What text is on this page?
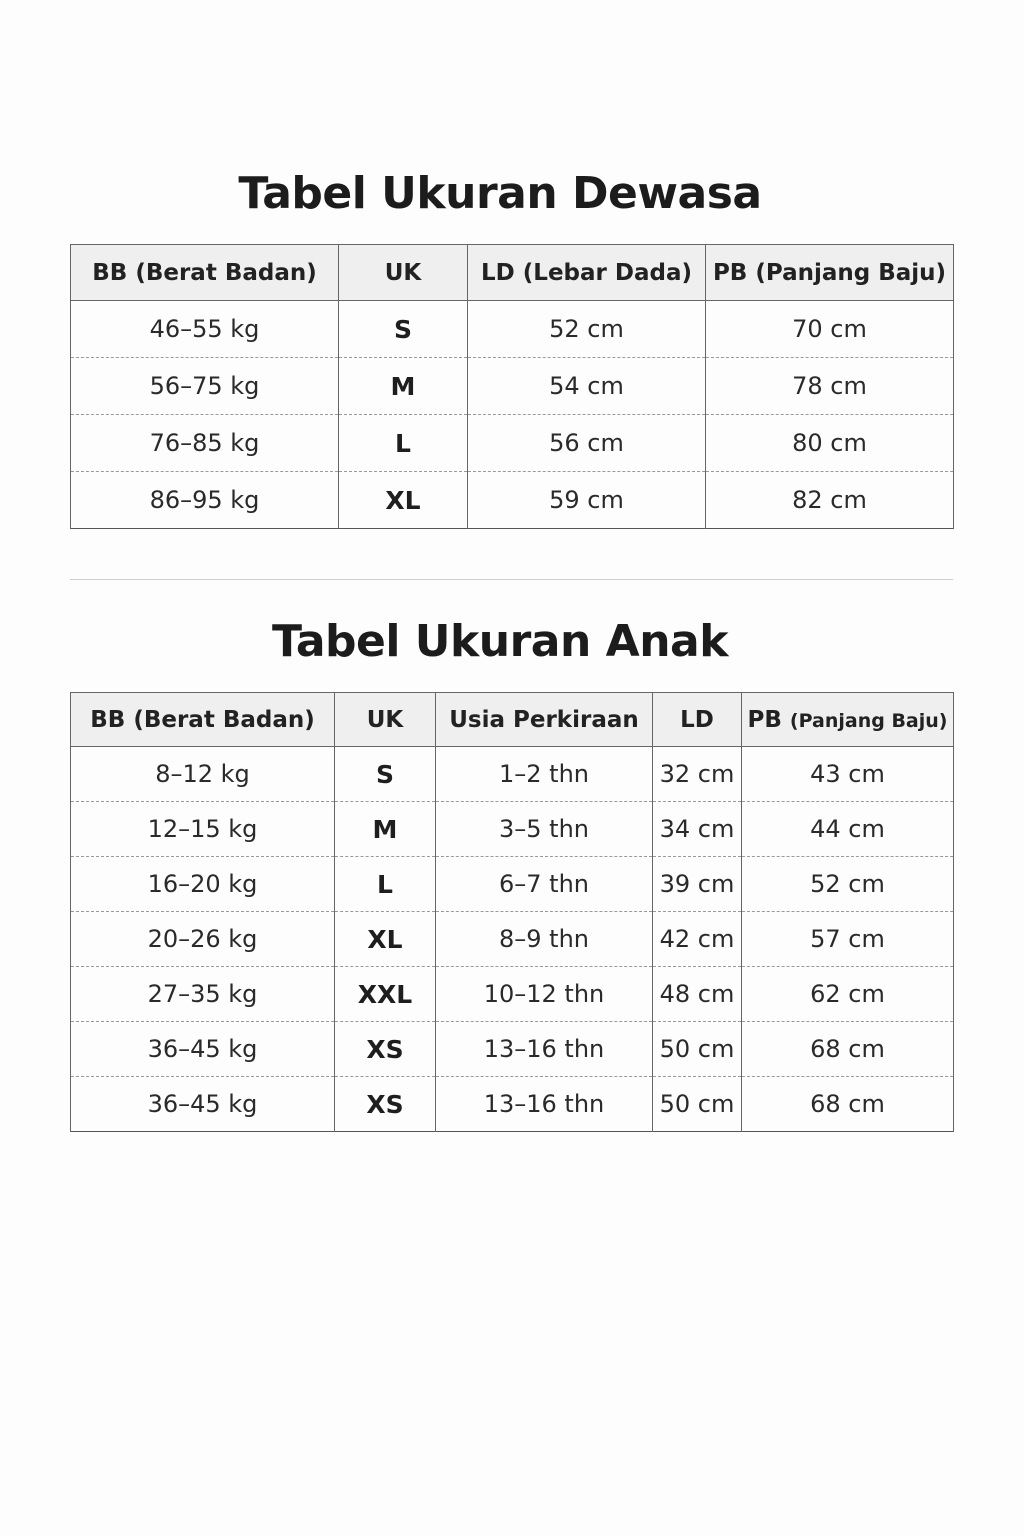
Tabel Ukuran Dewasa
BB (Berat Badan)	UK	LD (Lebar Dada)	PB (Panjang Baju)
46–55 kg	S	52 cm	70 cm
56–75 kg	M	54 cm	78 cm
76–85 kg	L	56 cm	80 cm
86–95 kg	XL	59 cm	82 cm
Tabel Ukuran Anak
BB (Berat Badan)	UK	Usia Perkiraan	LD	PB (Panjang Baju)
8–12 kg	S	1–2 thn	32 cm	43 cm
12–15 kg	M	3–5 thn	34 cm	44 cm
16–20 kg	L	6–7 thn	39 cm	52 cm
20–26 kg	XL	8–9 thn	42 cm	57 cm
27–35 kg	XXL	10–12 thn	48 cm	62 cm
36–45 kg	XS	13–16 thn	50 cm	68 cm
36–45 kg	XS	13–16 thn	50 cm	68 cm
